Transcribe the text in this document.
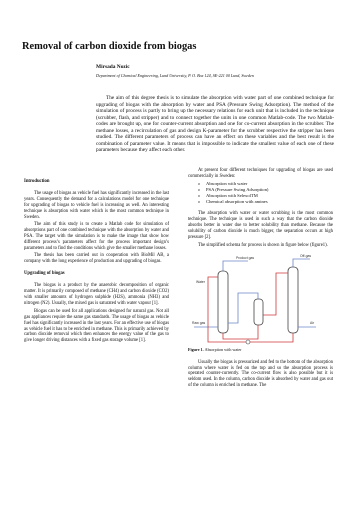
Removal of carbon dioxide from biogas
Mirsada Nozic
Department of Chemical Engineering, Lund University, P. O. Box 124, SE-221 00 Lund, Sweden

The aim of this degree thesis is to simulate the absorption with water part of one combined technique for upgrading of biogas with the absorption by water and PSA (Pressure Swing Adsorption). The method of the simulation of process is partly to bring up the necessary relations for each unit that is included in the technique (scrubber, flash, and stripper) and to connect together the units in one common Matlab-code. The two Matlab-codes are brought up, one for counter-current absorption and one for co-current absorption in the scrubber. The methane losses, a recirculation of gas and design K-parameter for the scrubber respective the stripper has been studied. The different parameters of process can have an effect on these variables and the best result is the combination of parameter value. It means that is impossible to indicate the smallest value of each one of these parameters because they affect each other.

Introduction

The usage of biogas as vehicle fuel has significantly increased in the last years. Consequently the demand for a calculations model for one technique for upgrading of biogas to vehicle fuel is increasing as well. An interesting technique is absorption with water which is the most common technique in Sweden.

The aim of this study is to create a Matlab code for simulation of absorptions part of one combined technique with the absorption by water and PSA. The target with the simulation is to make the image that show how different process’s parameters affect for the process important design’s parameters and to find the conditions which give the smaller methane losses.

The thesis has been carried out in cooperation with BioMil AB, a company with the long experience of production and upgrading of biogas.

Upgrading of biogas

The biogas is a product by the anaerobic decomposition of organic matter. It is primarily composed of methane (CH4) and carbon dioxide (CO2) with smaller amounts of hydrogen sulphide (H2S), ammonia (NH3) and nitrogen (N2). Usually, the mixed gas is saturated with water vapour [1].

Biogas can be used for all applications designed for natural gas. Not all gas appliances require the same gas standards. The usage of biogas as vehicle fuel has significantly increased in the last years. For an effective use of biogas as vehicle fuel it has to be enriched in methane. This is primarily achieved by carbon dioxide removal which then enhances the energy value of the gas to give longer driving distances with a fixed gas storage volume [1].

At present four different techniques for upgrading of biogas are used commercially in Sweden:

o Absorption with water
o PSA (Pressure Swing Adsorption)
o Absorption with SelexolTM
o Chemical absorption with amines

The absorption with water or water scrubbing is the most common technique. The technique is used in such a way that the carbon dioxide absorbs better in water due to better solubility than methane. Because the solubility of carbon dioxide is much bigger, the separation occurs at high pressure [2].

The simplified schema for process is shown in figure below (figure1).

Raw gas
Product gas
Air
Water
Off-gas
Figure 1. Absorption with water

Usually the biogas is pressurized and fed to the bottom of the absorption column where water is fed on the top and so the absorption process is operated counter-currently. The co-current flow is also possible but it is seldom used. In the column, carbon dioxide is absorbed by water and gas out of the column is enriched in methane. The
